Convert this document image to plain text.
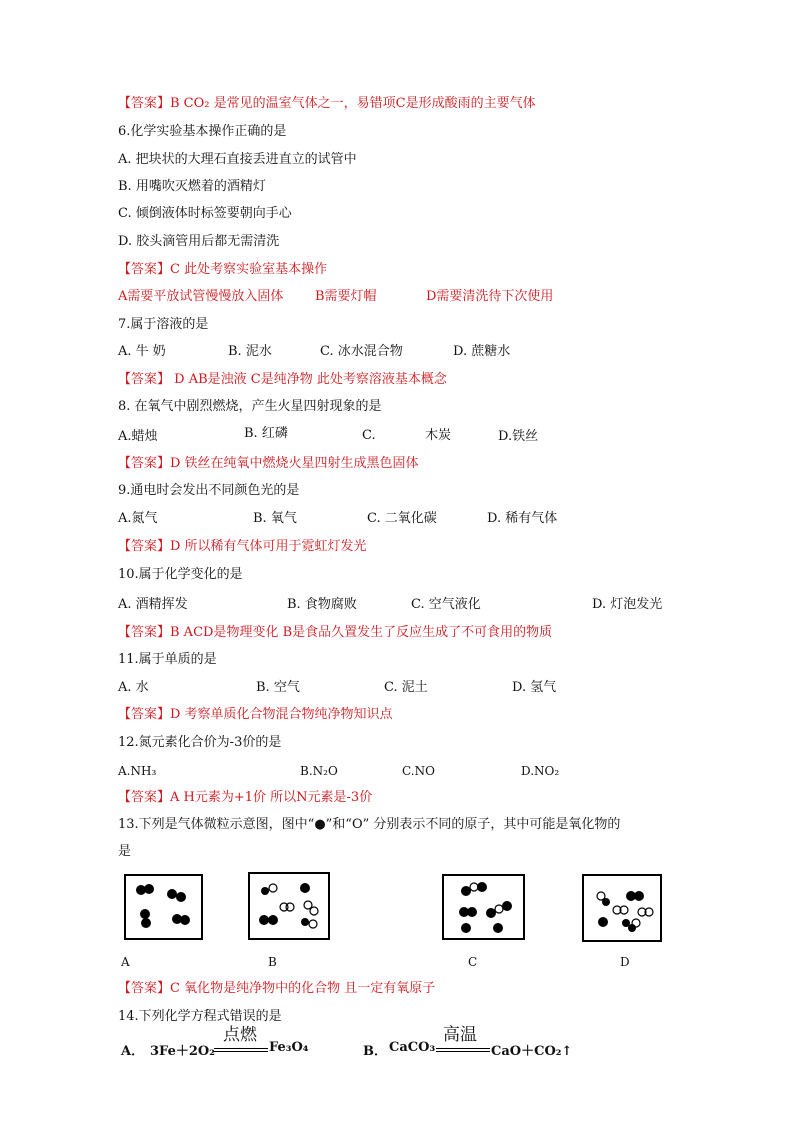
【答案】B CO₂ 是常见的温室气体之一，易错项C是形成酸雨的主要气体
6.化学实验基本操作正确的是
A. 把块状的大理石直接丢进直立的试管中
B. 用嘴吹灭燃着的酒精灯
C. 倾倒液体时标签要朝向手心
D. 胶头滴管用后都无需清洗
【答案】C 此处考察实验室基本操作
A需要平放试管慢慢放入固体 B需要灯帽	D需要清洗待下次使用
7.属于溶液的是
A. 牛 奶	B. 泥水	C. 冰水混合物	D. 蔗糖水
【答案】 D AB是浊液 C是纯净物 此处考察溶液基本概念
8. 在氧气中剧烈燃烧，产生火星四射现象的是
A.蜡烛	B. 红磷	C.	木炭	D.铁丝
【答案】D 铁丝在纯氧中燃烧火星四射生成黑色固体
9.通电时会发出不同颜色光的是
A.氮气	B. 氧气	C. 二氧化碳	D. 稀有气体
【答案】D 所以稀有气体可用于霓虹灯发光
10.属于化学变化的是
A. 酒精挥发	B. 食物腐败	C. 空气液化	D. 灯泡发光
【答案】B ACD是物理变化 B是食品久置发生了反应生成了不可食用的物质
11.属于单质的是
A. 水	B. 空气	C. 泥土	D. 氢气
【答案】D 考察单质化合物混合物纯净物知识点
12.氮元素化合价为-3价的是
A.NH₃	B.N₂O	C.NO	D.NO₂
【答案】A H元素为+1价 所以N元素是-3价
13.下列是气体微粒示意图，图中“●”和“O” 分别表示不同的原子，其中可能是氧化物的
是
A	B	C	D
【答案】C 氧化物是纯净物中的化合物 且一定有氧原子
14.下列化学方程式错误的是
A． 3Fe＋2O₂
点燃
Fe₃O₄	B． CaCO₃
高温
CaO＋CO₂↑
